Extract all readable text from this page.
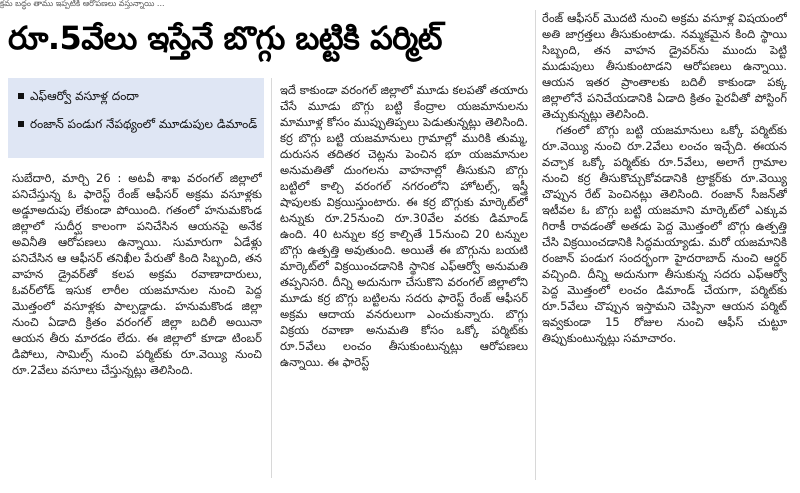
క్రమ బద్ధం తాము ఇప్పటికి ఆరోపణలు వస్తున్నాయి ...
రూ.5వేలు ఇస్తేనే బొగ్గు బట్టికి పర్మిట్
ఎఫ్ఆర్వో వసూళ్ల దందా
రంజాన్ పండుగ నేపథ్యంలో మూడుపుల డిమాండ్

సుబేదారి, మార్చి 26 : అటవీ శాఖ వరంగల్ జిల్లాలో పనిచేస్తున్న ఓ ఫారెస్ట్ రేంజ్ ఆఫీసర్ అక్రమ వసూళ్లకు అడ్డూఅదుపు లేకుండా పోయింది. గతంలో హనుమకొండ జిల్లాలో సుదీర్ఘ కాలంగా పనిచేసిన ఆయనపై అనేక అవినీతి ఆరోపణలు ఉన్నాయి. సుమారుగా ఏడేళ్లు పనిచేసిన ఆ ఆఫీసర్ తనిఖీల పేరుతో కింది సిబ్బంది, తన వాహన డ్రైవర్‌తో కలప అక్రమ రవాణాదారులు, ఓవర్‌లోడ్ ఇసుక లారీల యజమానుల నుంచి పెద్ద మొత్తంలో వసూళ్లకు పాల్పడ్డాడు. హనుమకొండ జిల్లా నుంచి ఏడాది క్రితం వరంగల్ జిల్లా బదిలీ అయినా ఆయన తీరు మారడం లేదు. ఈ జిల్లాలో కూడా టింబర్ డిపోలు, సామిల్స్ నుంచి పర్మిట్‌కు రూ.వెయ్యి నుంచి రూ.2వేలు వసూలు చేస్తున్నట్లు తెలిసింది.

ఇదే కాకుండా వరంగల్ జిల్లాలో మూడు కలపతో తయారు చేసే మూడు బొగ్గు బట్టి కేంద్రాల యజమానులను మామూళ్ల కోసం ముప్పుతిప్పలు పెడుతున్నట్లు తెలిసింది. కర్ర బొగ్గు బట్టి యజమానులు గ్రామాల్లో మురికి తుమ్మ, దురుసన తదితర చెట్లను పెంచిన భూ యజమానుల అనుమతితో దుంగలను వాహనాల్లో తీసుకుని బొగ్గు బట్టిలో కాల్చి వరంగల్ నగరంలోని హోటల్స్, ఇస్త్రీ షాపులకు విక్రయిస్తుంటారు. ఈ కర్ర బొగ్గుకు మార్కెట్‌లో టన్నుకు రూ.25నుంచి రూ.30వేల వరకు డిమాండ్ ఉంది. 40 టన్నుల కర్ర కాల్చితే 15నుంచి 20 టన్నుల బొగ్గు ఉత్పత్తి అవుతుంది. అయితే ఈ బొగ్గును బయటి మార్కెట్‌లో విక్రయించడానికి స్థానిక ఎఫ్‌ఆర్వో అనుమతి తప్పనిసరి. దీన్ని అదునుగా చేసుకొని వరంగల్ జిల్లాలోని మూడు కర్ర బొగ్గు బట్టిలను సదరు ఫారెస్ట్ రేంజ్ ఆఫీసర్ అక్రమ ఆదాయ వనరులుగా ఎంచుకున్నారు. బొగ్గు విక్రయ రవాణా అనుమతి కోసం ఒక్కో పర్మిట్‌కు రూ.5వేలు లంచం తీసుకుంటున్నట్లు ఆరోపణలు ఉన్నాయి. ఈ ఫారెస్ట్

రేంజ్ ఆఫీసర్ మొదటి నుంచి అక్రమ వసూళ్ల విషయంలో అతి జాగ్రత్తలు తీసుకుంటాడు. నమ్మకమైన కింది స్థాయి సిబ్బంది, తన వాహన డ్రైవర్‌ను ముందు పెట్టి ముడుపులు తీసుకుంటాడని ఆరోపణలు ఉన్నాయి. ఆయన ఇతర ప్రాంతాలకు బదిలీ కాకుండా పక్క జిల్లాలోనే పనిచేయడానికి ఏడాది క్రితం పైరవీతో పోస్టింగ్ తెచ్చుకున్నట్లు తెలిసింది.

గతంలో బొగ్గు బట్టి యజమానులు ఒక్కో పర్మిట్‌కు రూ.వెయ్యి నుంచి రూ.2వేలు లంచం ఇచ్చేది. ఈయన వచ్చాక ఒక్కో పర్మిట్‌కు రూ.5వేలు, అలాగే గ్రామాల నుంచి కర్ర తీసుకొచ్చుకోవడానికి ట్రాక్టర్‌కు రూ.వెయ్యి చొప్పున రేట్ పెంచినట్లు తెలిసింది. రంజాన్ సీజన్‌తో ఇటీవల ఓ బొగ్గు బట్టి యజమాని మార్కెట్‌లో ఎక్కువ గిరాకీ రావడంతో అతడు పెద్ద మొత్తంలో బొగ్గు ఉత్పత్తి చేసి విక్రయించడానికి సిద్ధమయ్యాడు. మరో యజమానికి రంజాన్ పండుగ సందర్భంగా హైదరాబాద్ నుంచి ఆర్డర్ వచ్చింది. దీన్ని అదునుగా తీసుకున్న సదరు ఎఫ్‌ఆర్వో పెద్ద మొత్తంలో లంచం డిమాండ్ చేయగా, పర్మిట్‌కు రూ.5వేలు చొప్పున ఇస్తామని చెప్పినా ఆయన పర్మిట్ ఇవ్వకుండా 15 రోజుల నుంచి ఆఫీస్ చుట్టూ తిప్పుకుంటున్నట్లు సమాచారం.
